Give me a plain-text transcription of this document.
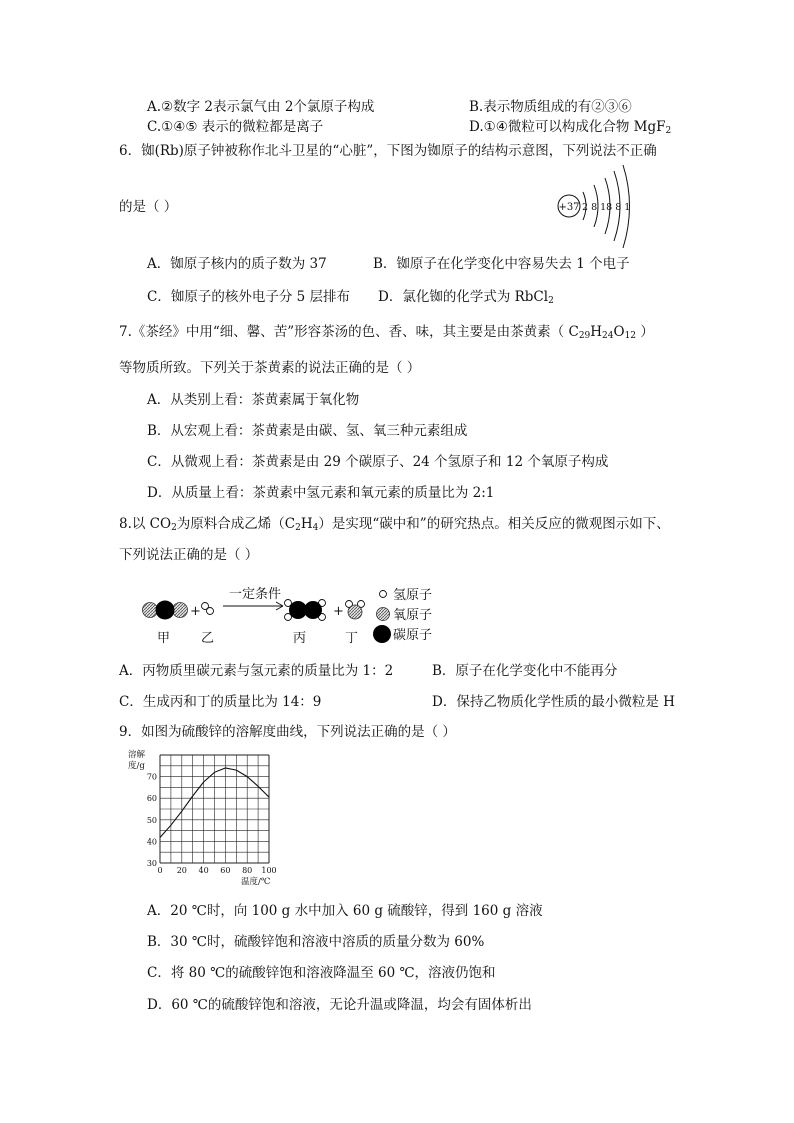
A.②数字 2表示氯气由 2个氯原子构成	B.表示物质组成的有②③⑥
C.①④⑤ 表示的微粒都是离子	D.①④微粒可以构成化合物 MgF$_2$
6．铷(Rb)原子钟被称作北斗卫星的“心脏”，下图为铷原子的结构示意图，下列说法不正确
的是（ ）	+37 2 8 18 8 1
A．铷原子核内的质子数为 37	B．铷原子在化学变化中容易失去 1 个电子
C．铷原子的核外电子分 5 层排布 D．氯化铷的化学式为 RbCl$_2$
7.《茶经》中用“细、馨、苦”形容茶汤的色、香、味，其主要是由茶黄素（ $C_{29}H_{24}O_{12}$ ）
等物质所致。下列关于茶黄素的说法正确的是（ ）
A．从类别上看：茶黄素属于氧化物
B．从宏观上看：茶黄素是由碳、氢、氧三种元素组成
C．从微观上看：茶黄素是由 29 个碳原子、24 个氢原子和 12 个氧原子构成
D．从质量上看：茶黄素中氢元素和氧元素的质量比为 2:1
8.以 $CO_2$为原料合成乙烯$(C_2H_4)$是实现“碳中和”的研究热点。相关反应的微观图示如下、
下列说法正确的是（ ）
+
一定条件
+
甲 乙	丙	丁
氢原子
氧原子
碳原子
A．丙物质里碳元素与氢元素的质量比为 1：2	B．原子在化学变化中不能再分
C．生成丙和丁的质量比为 14：9	D．保持乙物质化学性质的最小微粒是 H
9．如图为硫酸锌的溶解度曲线，下列说法正确的是（ ）
30
40
50
60
70
0 20 40 60 80 100
溶解
度/g
温度/℃
A．20 ℃时，向 100 g 水中加入 60 g 硫酸锌，得到 160 g 溶液
B．30 ℃时，硫酸锌饱和溶液中溶质的质量分数为 60%
C．将 80 ℃的硫酸锌饱和溶液降温至 60 ℃，溶液仍饱和
D．60 ℃的硫酸锌饱和溶液，无论升温或降温，均会有固体析出
